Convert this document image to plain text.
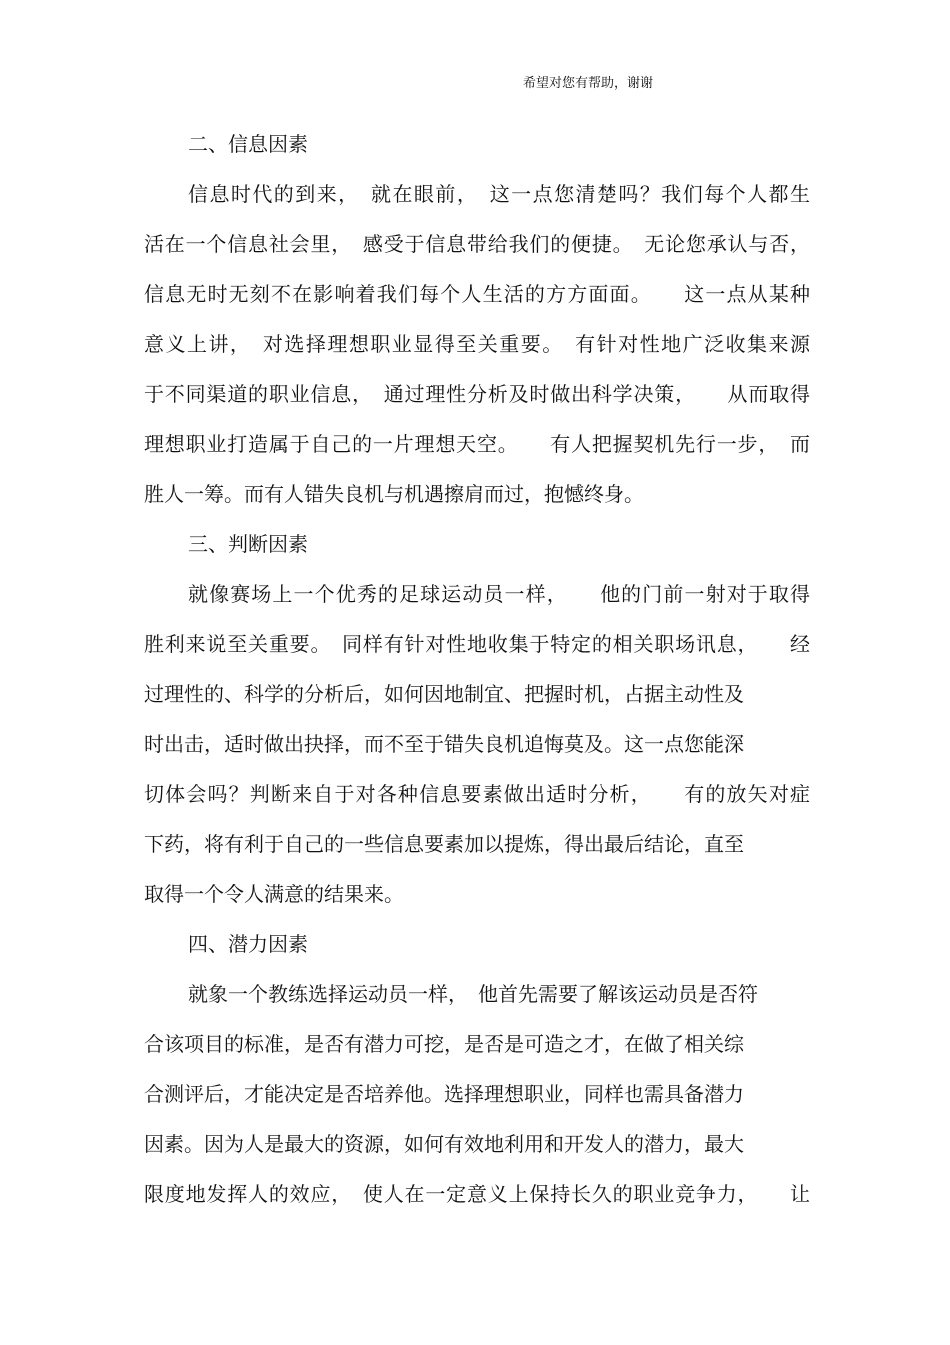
希望对您有帮助，谢谢
二、信息因素
信息时代的到来，　就在眼前，　这一点您清楚吗？我们每个人都生
活在一个信息社会里，　感受于信息带给我们的便捷。　无论您承认与否，
信息无时无刻不在影响着我们每个人生活的方方面面。　　这一点从某种
意义上讲，　对选择理想职业显得至关重要。　有针对性地广泛收集来源
于不同渠道的职业信息，　通过理性分析及时做出科学决策，　　从而取得
理想职业打造属于自己的一片理想天空。　　有人把握契机先行一步，　而
胜人一筹。而有人错失良机与机遇擦肩而过，抱憾终身。
三、判断因素
就像赛场上一个优秀的足球运动员一样，　　他的门前一射对于取得
胜利来说至关重要。　同样有针对性地收集于特定的相关职场讯息，　　经
过理性的、科学的分析后，如何因地制宜、把握时机，占据主动性及
时出击，适时做出抉择，而不至于错失良机追悔莫及。这一点您能深
切体会吗？判断来自于对各种信息要素做出适时分析，　　有的放矢对症
下药，将有利于自己的一些信息要素加以提炼，得出最后结论，直至
取得一个令人满意的结果来。
四、潜力因素
就象一个教练选择运动员一样，　他首先需要了解该运动员是否符
合该项目的标准，是否有潜力可挖，是否是可造之才，在做了相关综
合测评后，才能决定是否培养他。选择理想职业，同样也需具备潜力
因素。因为人是最大的资源，如何有效地利用和开发人的潜力，最大
限度地发挥人的效应，　使人在一定意义上保持长久的职业竞争力，　　让
